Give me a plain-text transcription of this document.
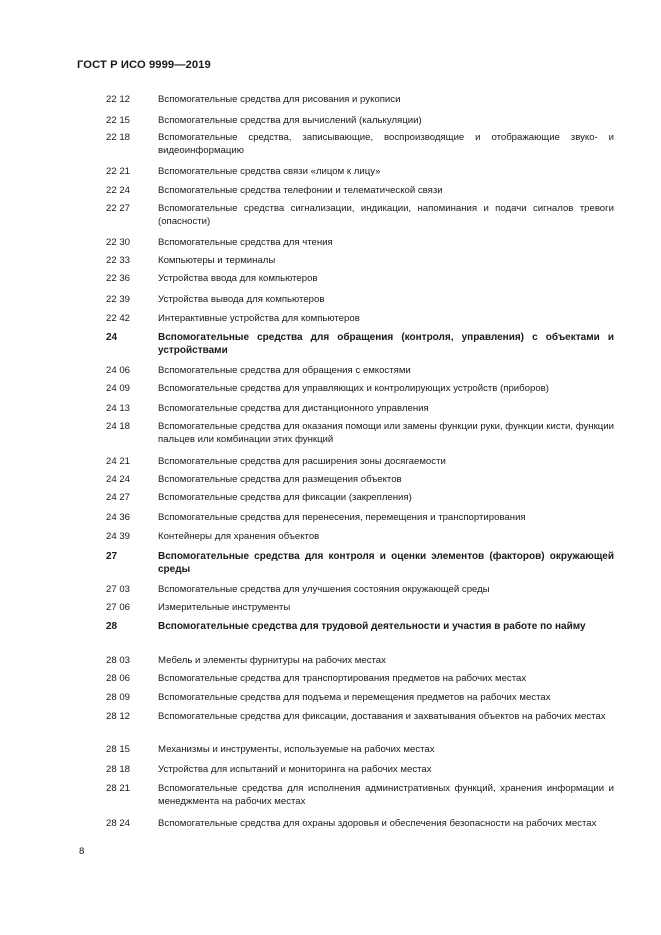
ГОСТ Р ИСО 9999—2019
22 12	Вспомогательные средства для рисования и рукописи
22 15	Вспомогательные средства для вычислений (калькуляции)
22 18	Вспомогательные средства, записывающие, воспроизводящие и отображающие звуко- и видеоинформацию
22 21	Вспомогательные средства связи «лицом к лицу»
22 24	Вспомогательные средства телефонии и телематической связи
22 27	Вспомогательные средства сигнализации, индикации, напоминания и подачи сигналов тревоги (опасности)
22 30	Вспомогательные средства для чтения
22 33	Компьютеры и терминалы
22 36	Устройства ввода для компьютеров
22 39	Устройства вывода для компьютеров
22 42	Интерактивные устройства для компьютеров
24	Вспомогательные средства для обращения (контроля, управления) с объектами и устройствами
24 06	Вспомогательные средства для обращения с емкостями
24 09	Вспомогательные средства для управляющих и контролирующих устройств (приборов)
24 13	Вспомогательные средства для дистанционного управления
24 18	Вспомогательные средства для оказания помощи или замены функции руки, функции кисти, функции пальцев или комбинации этих функций
24 21	Вспомогательные средства для расширения зоны досягаемости
24 24	Вспомогательные средства для размещения объектов
24 27	Вспомогательные средства для фиксации (закрепления)
24 36	Вспомогательные средства для перенесения, перемещения и транспортирования
24 39	Контейнеры для хранения объектов
27	Вспомогательные средства для контроля и оценки элементов (факторов) окружающей среды
27 03	Вспомогательные средства для улучшения состояния окружающей среды
27 06	Измерительные инструменты
28	Вспомогательные средства для трудовой деятельности и участия в работе по найму
28 03	Мебель и элементы фурнитуры на рабочих местах
28 06	Вспомогательные средства для транспортирования предметов на рабочих местах
28 09	Вспомогательные средства для подъема и перемещения предметов на рабочих местах
28 12	Вспомогательные средства для фиксации, доставания и захватывания объектов на рабочих местах
28 15	Механизмы и инструменты, используемые на рабочих местах
28 18	Устройства для испытаний и мониторинга на рабочих местах
28 21	Вспомогательные средства для исполнения административных функций, хранения информации и менеджмента на рабочих местах
28 24	Вспомогательные средства для охраны здоровья и обеспечения безопасности на рабочих местах
8
